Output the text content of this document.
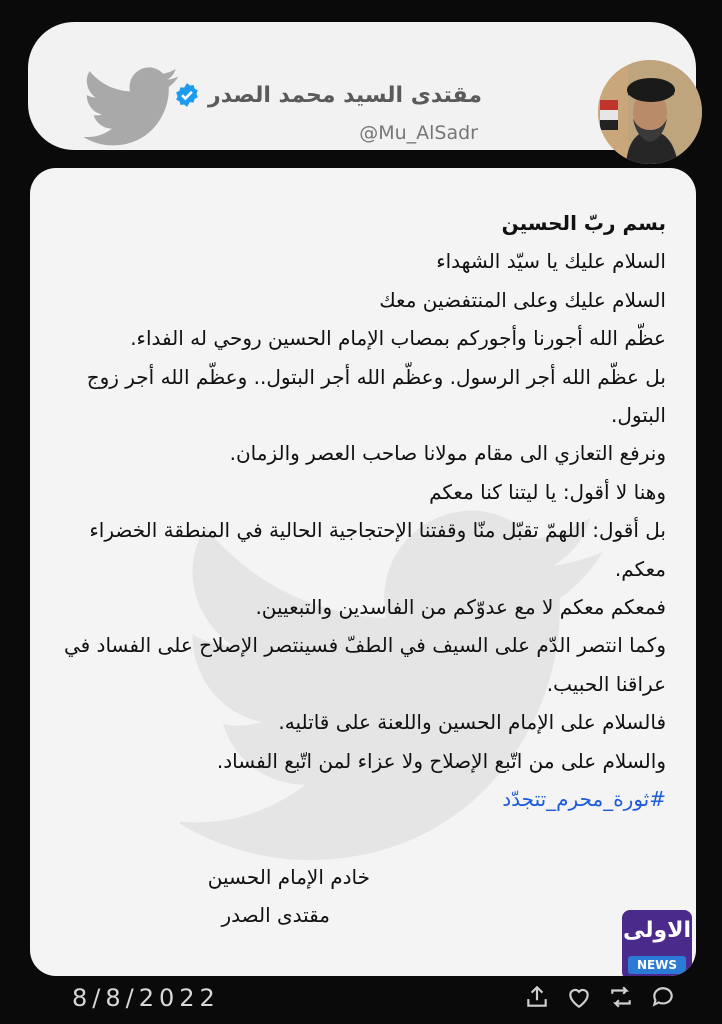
مقتدى السيد محمد الصدر
@Mu_AlSadr
بسم ربّ الحسين
السلام عليك يا سيّد الشهداء
السلام عليك وعلى المنتفضين معك
عظّم الله أجورنا وأجوركم بمصاب الإمام الحسين روحي له الفداء.
بل عظّم الله أجر الرسول. وعظّم الله أجر البتول.. وعظّم الله أجر زوج البتول.
ونرفع التعازي الى مقام مولانا صاحب العصر والزمان.
وهنا لا أقول: يا ليتنا كنا معكم
بل أقول: اللهمّ تقبّل منّا وقفتنا الإحتجاجية الحالية في المنطقة الخضراء معكم.
فمعكم معكم لا مع عدوّكم من الفاسدين والتبعيين.
وكما انتصر الدّم على السيف في الطفّ فسينتصر الإصلاح على الفساد في عراقنا الحبيب.
فالسلام على الإمام الحسين واللعنة على قاتليه.
والسلام على من اتّبع الإصلاح ولا عزاء لمن اتّبع الفساد.
#ثورة_محرم_تتجدّد
خادم الإمام الحسين
مقتدى الصدر
الاولى
NEWS
8/8/2022
